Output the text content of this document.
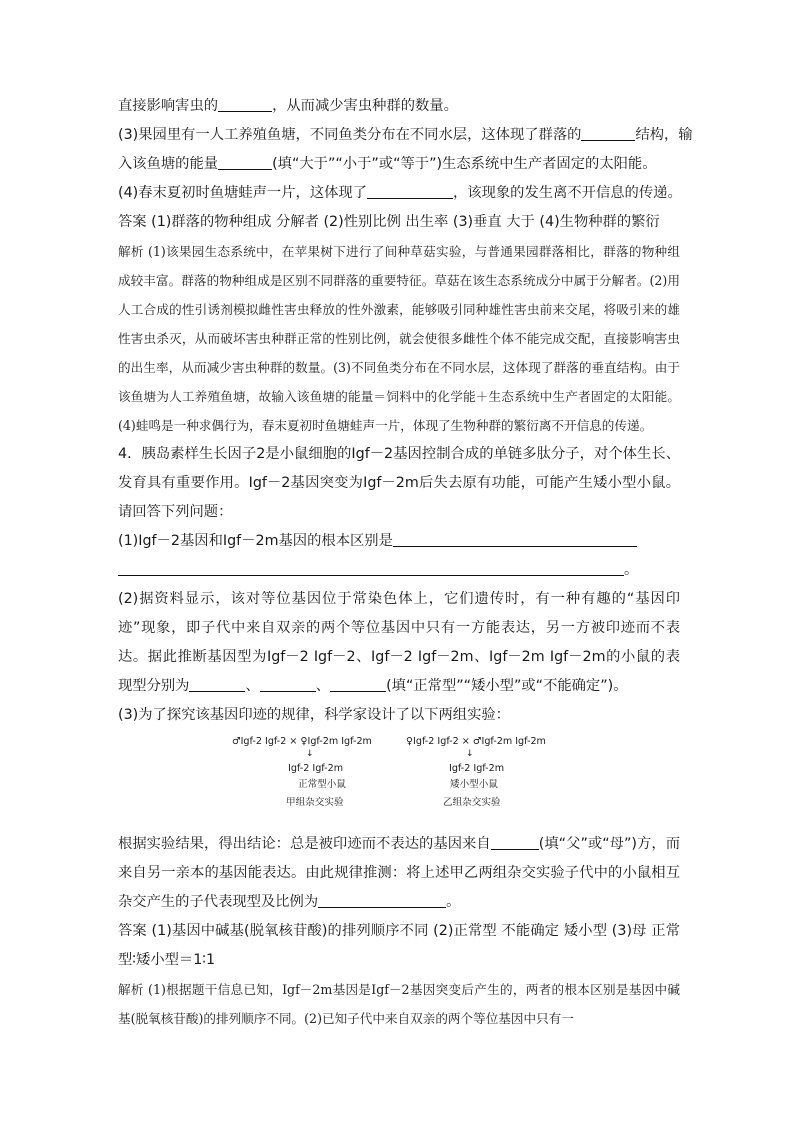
直接影响害虫的	，从而减少害虫种群的数量。

(3)果园里有一人工养殖鱼塘，不同鱼类分布在不同水层，这体现了群落的	结构，输

入该鱼塘的能量	(填“大于”“小于”或“等于”)生态系统中生产者固定的太阳能。

(4)春末夏初时鱼塘蛙声一片，这体现了	，该现象的发生离不开信息的传递。

答案 (1)群落的物种组成 分解者 (2)性别比例 出生率 (3)垂直 大于 (4)生物种群的繁衍

解析 (1)该果园生态系统中，在苹果树下进行了间种草菇实验，与普通果园群落相比，群落的物种组成较丰富。群落的物种组成是区别不同群落的重要特征。草菇在该生态系统成分中属于分解者。(2)用人工合成的性引诱剂模拟雌性害虫释放的性外激素，能够吸引同种雄性害虫前来交尾，将吸引来的雄性害虫杀灭，从而破坏害虫种群正常的性别比例，就会使很多雌性个体不能完成交配，直接影响害虫的出生率，从而减少害虫种群的数量。(3)不同鱼类分布在不同水层，这体现了群落的垂直结构。由于该鱼塘为人工养殖鱼塘，故输入该鱼塘的能量＝饲料中的化学能＋生态系统中生产者固定的太阳能。(4)蛙鸣是一种求偶行为，春末夏初时鱼塘蛙声一片，体现了生物种群的繁衍离不开信息的传递。

4．胰岛素样生长因子2是小鼠细胞的Igf－2基因控制合成的单链多肽分子，对个体生长、发育具有重要作用。Igf－2基因突变为Igf－2m后失去原有功能，可能产生矮小型小鼠。请回答下列问题：

(1)Igf－2基因和Igf－2m基因的根本区别是

。

(2)据资料显示，该对等位基因位于常染色体上，它们遗传时，有一种有趣的“基因印迹”现象，即子代中来自双亲的两个等位基因中只有一方能表达，另一方被印迹而不表达。据此推断基因型为Igf－2 Igf－2、Igf－2 Igf－2m、Igf－2m Igf－2m的小鼠的表现型分别为	、	、	(填“正常型”“矮小型”或“不能确定”)。

(3)为了探究该基因印迹的规律，科学家设计了以下两组实验：

♂Igf-2 Igf-2 × ♀Igf-2m Igf-2m	♀Igf-2 Igf-2 × ♂Igf-2m Igf-2m
↓	↓
Igf-2 Igf-2m	Igf-2 Igf-2m
正常型小鼠	矮小型小鼠
甲组杂交实验	乙组杂交实验

根据实验结果，得出结论：总是被印迹而不表达的基因来自	(填“父”或“母”)方，而来自另一亲本的基因能表达。由此规律推测：将上述甲乙两组杂交实验子代中的小鼠相互杂交产生的子代表现型及比例为	。

答案 (1)基因中碱基(脱氧核苷酸)的排列顺序不同 (2)正常型 不能确定 矮小型 (3)母 正常型∶矮小型＝1∶1

解析 (1)根据题干信息已知，Igf－2m基因是Igf－2基因突变后产生的，两者的根本区别是基因中碱基(脱氧核苷酸)的排列顺序不同。(2)已知子代中来自双亲的两个等位基因中只有一
